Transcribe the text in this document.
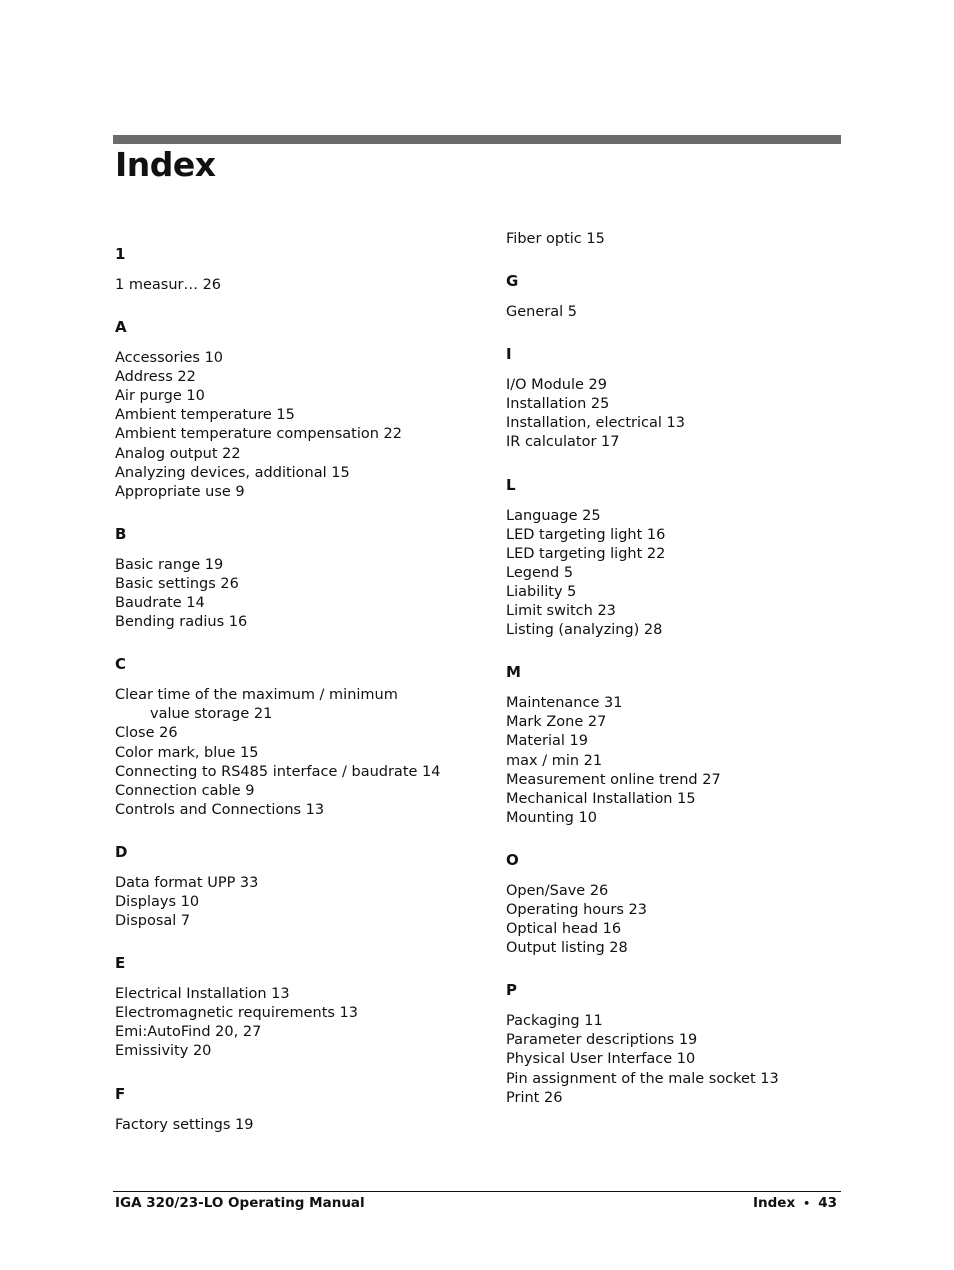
Index
1
1 measur… 26
A
Accessories 10
Address 22
Air purge 10
Ambient temperature 15
Ambient temperature compensation 22
Analog output 22
Analyzing devices, additional 15
Appropriate use 9
B
Basic range 19
Basic settings 26
Baudrate 14
Bending radius 16
C
Clear time of the maximum / minimum
value storage 21
Close 26
Color mark, blue 15
Connecting to RS485 interface / baudrate 14
Connection cable 9
Controls and Connections 13
D
Data format UPP 33
Displays 10
Disposal 7
E
Electrical Installation 13
Electromagnetic requirements 13
Emi:AutoFind 20, 27
Emissivity 20
F
Factory settings 19
Fiber optic 15
G
General 5
I
I/O Module 29
Installation 25
Installation, electrical 13
IR calculator 17
L
Language 25
LED targeting light 16
LED targeting light 22
Legend 5
Liability 5
Limit switch 23
Listing (analyzing) 28
M
Maintenance 31
Mark Zone 27
Material 19
max / min 21
Measurement online trend 27
Mechanical Installation 15
Mounting 10
O
Open/Save 26
Operating hours 23
Optical head 16
Output listing 28
P
Packaging 11
Parameter descriptions 19
Physical User Interface 10
Pin assignment of the male socket 13
Print 26
IGA 320/23-LO Operating Manual	Index • 43
